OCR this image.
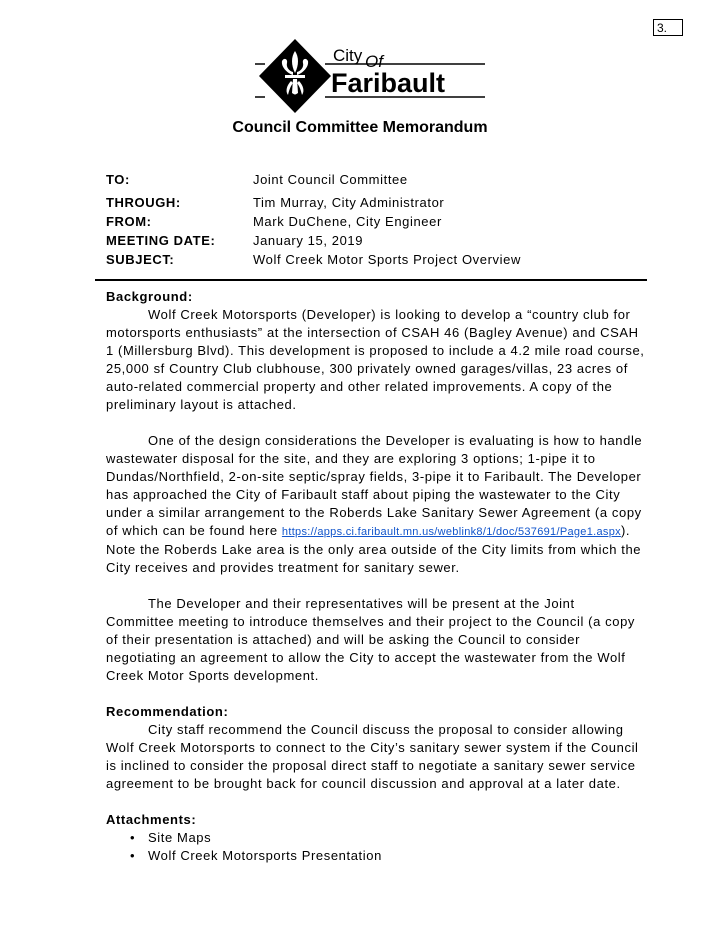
3.
City Of
Faribault
Council Committee Memorandum
TO:	Joint Council Committee
THROUGH:	Tim Murray, City Administrator
FROM:	Mark DuChene, City Engineer
MEETING DATE:	January 15, 2019
SUBJECT:	Wolf Creek Motor Sports Project Overview
Background:

Wolf Creek Motorsports (Developer) is looking to develop a “country club for motorsports enthusiasts” at the intersection of CSAH 46 (Bagley Avenue) and CSAH 1 (Millersburg Blvd). This development is proposed to include a 4.2 mile road course, 25,000 sf Country Club clubhouse, 300 privately owned garages/villas, 23 acres of auto-related commercial property and other related improvements. A copy of the preliminary layout is attached.

One of the design considerations the Developer is evaluating is how to handle wastewater disposal for the site, and they are exploring 3 options; 1-pipe it to Dundas/Northfield, 2-on-site septic/spray fields, 3-pipe it to Faribault. The Developer has approached the City of Faribault staff about piping the wastewater to the City under a similar arrangement to the Roberds Lake Sanitary Sewer Agreement (a copy of which can be found here https://apps.ci.faribault.mn.us/weblink8/1/doc/537691/Page1.aspx). Note the Roberds Lake area is the only area outside of the City limits from which the City receives and provides treatment for sanitary sewer.

The Developer and their representatives will be present at the Joint Committee meeting to introduce themselves and their project to the Council (a copy of their presentation is attached) and will be asking the Council to consider negotiating an agreement to allow the City to accept the wastewater from the Wolf Creek Motor Sports development.

Recommendation:

City staff recommend the Council discuss the proposal to consider allowing Wolf Creek Motorsports to connect to the City’s sanitary sewer system if the Council is inclined to consider the proposal direct staff to negotiate a sanitary sewer service agreement to be brought back for council discussion and approval at a later date.

Attachments:
• Site Maps
• Wolf Creek Motorsports Presentation
